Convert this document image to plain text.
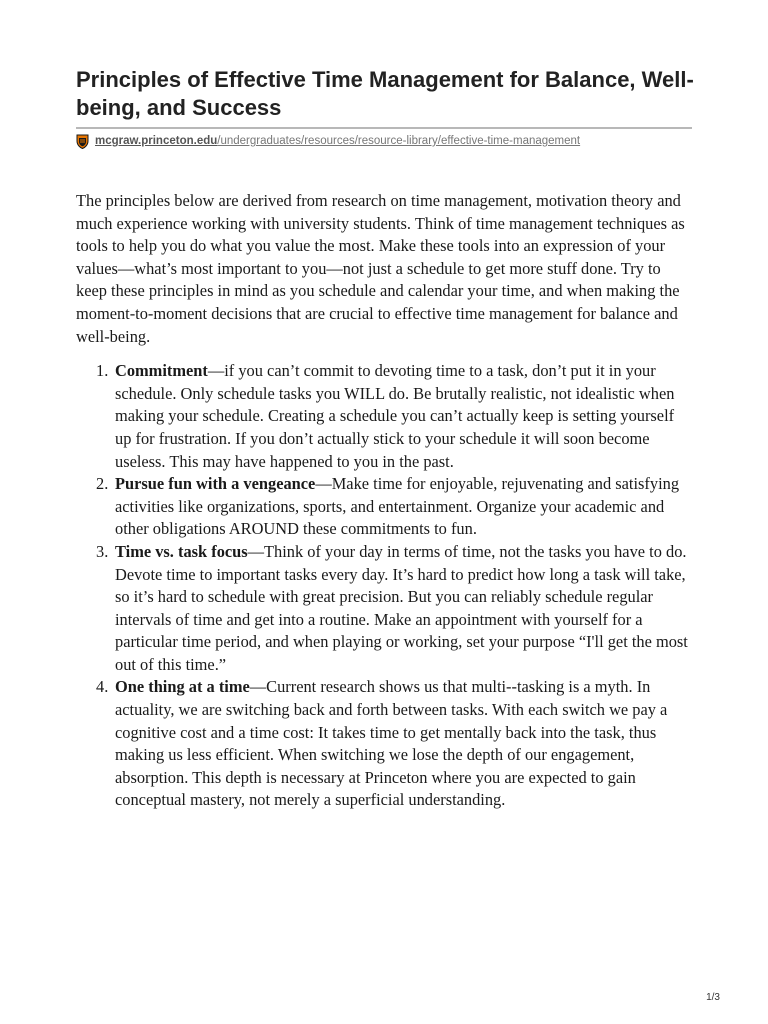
Principles of Effective Time Management for Balance, Well-being, and Success
mcgraw.princeton.edu /undergraduates/resources/resource-library/effective-time-management

The principles below are derived from research on time management, motivation theory and much experience working with university students. Think of time management techniques as tools to help you do what you value the most. Make these tools into an expression of your values—what’s most important to you—not just a schedule to get more stuff done. Try to keep these principles in mind as you schedule and calendar your time, and when making the moment-to-moment decisions that are crucial to effective time management for balance and well-being.

1. Commitment—if you can’t commit to devoting time to a task, don’t put it in your schedule. Only schedule tasks you WILL do. Be brutally realistic, not idealistic when making your schedule. Creating a schedule you can’t actually keep is setting yourself up for frustration. If you don’t actually stick to your schedule it will soon become useless. This may have happened to you in the past.
2. Pursue fun with a vengeance—Make time for enjoyable, rejuvenating and satisfying activities like organizations, sports, and entertainment. Organize your academic and other obligations AROUND these commitments to fun.
3. Time vs. task focus—Think of your day in terms of time, not the tasks you have to do. Devote time to important tasks every day. It’s hard to predict how long a task will take, so it’s hard to schedule with great precision. But you can reliably schedule regular intervals of time and get into a routine. Make an appointment with yourself for a particular time period, and when playing or working, set your purpose “I'll get the most out of this time.”
4. One thing at a time—Current research shows us that multi--tasking is a myth. In actuality, we are switching back and forth between tasks. With each switch we pay a cognitive cost and a time cost: It takes time to get mentally back into the task, thus making us less efficient. When switching we lose the depth of our engagement, absorption. This depth is necessary at Princeton where you are expected to gain conceptual mastery, not merely a superficial understanding.
1/3
